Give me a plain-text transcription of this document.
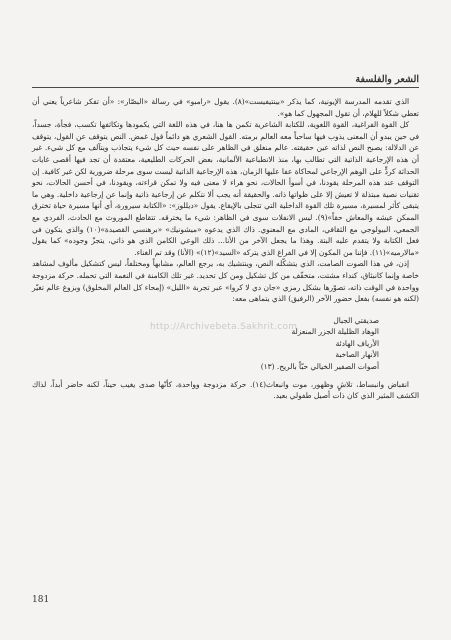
الشعر والفلسفة

الذي تقدمه المدرسة الإيونية، كما يذكر «بينتيفيست»(٨). يقول «رامبو» في رسالة «البصّار»: «أن تفكر شاعرياً يعني أن تعطي شكلاً للهلام، أن تقول المجهول كما هو».

كل القوة الفراغية، القوة اللغوية، للكتابة الشاعرية تكمن ها هنا، في هذه اللغة التي يكمودها وتكاثفها تكسب، فجأة، جسداً، في حين يبدو أن المعنى يذوب فيها ساحباً معه العالم برمته. القول الشعري هو دائماً قول غمض. النص يتوقف عن القول، يتوقف عن الدلالة: يصبح النص لذاته عين حقيقته. عالم منغلق في الظاهر على نفسه حيث كل شيء يتجاذب ويتآلف مع كل شيء. غير أن هذه الإرجاعية الذاتية التي تطالب بها، منذ الانطباعية الألمانية، بعض الحركات الطليعية، معتقدة أن تجد فيها أقصى غايات الحداثة كردٍّ على الوهم الإرجاعي لمحاكاة عفا عليها الزمان، هذه الإرجاعية الذاتية ليست سوى مرحلة ضرورية لكن غير كافية. إن التوقف عند هذه المرحلة يقودنا، في أسوأ الحالات، نحو هراء لا معنى فيه ولا تمكن قراءته، ويقودنا، في أحسن الحالات، نحو تقنيات نصية مبتذلة لا تعيش إلا على ظواتها ذاته. والحقيقة أنه يجب ألا نتكلم عن إرجاعية ذاتية وإنما عن إرجاعية داخلية. وهي ما يتبقى كأثر لمسيرة، مسيرة تلك القوة الداخلية التي تتجلى بالإيقاع. يقول «ديللوز»: «الكتابة سيرورة، أي أنها مسيرة حياة تخترق الممكن عيشه والمعاش حقاً»(٩). ليس الانفلات سوى في الظاهر: شيء ما يخترقه. تتقاطع الموروث مع الحادث، الفردي مع الجمعي، البيولوجي مع الثقافي، المادي مع المعنوي. ذاك الذي يدعوه «ميشونيك» «برهنسي القصيدة»(١٠) والذي يتكون في فعل الكتابة ولا يتقدم عليه البتة. وهذا ما يجعل الآخر من الأنا... ذلك الوعي الكامن الذي هو ذاتي، يتجزّ وجوده» كما يقول «مالارميه»(١١). فإننا من المكون إلا في الفراغ الذي يتركه «السيد»(١٢)» (الأنا) وقد تم الغناء.

إذن، في هذا الصوت الصامت، الذي يتشكّله النص، وينتشيك به، يرجع العالم، مشابهاً ومختلفاً، ليس كتشكيل مألوف لمشاهد خاصة وإنما كانبثاق، كنداء مشتت، متخفّف من كل تشكيل ومن كل تحديد. غير تلك الكامنة في النغمة التي تحمله. حركة مزدوجة وواحدة في الوقت ذاته، تصوّرها بشكل رمزي «جان دي لا كروا» عبر تجربة «الليل» (إمحاء كل العالم المخلوق) وبزوغ عالم تغيّر (لكنه هو نفسه) بفعل حضور الآخر (الرفيق) الذي يتماهى معه:

صديقتي الجبال
الوهاد الظليلة الجزر المنعزلة
الأرياف الهادئة
الأنهار الصاخبة
أصوات الصفير الخيالي حبّاً بالريح. (١٣)

انقباض وانبساط، تلاشٍ وظهور، موت وانبعاث(١٤). حركة مزدوجة وواحدة، كأنّها صدى يغيب حيناً، لكنه حاضر أبداً، لذاك الكشف المثير الذي كان ذات أصيل طفولي بعيد.

http://Archivebeta.Sakhrit.com
181
